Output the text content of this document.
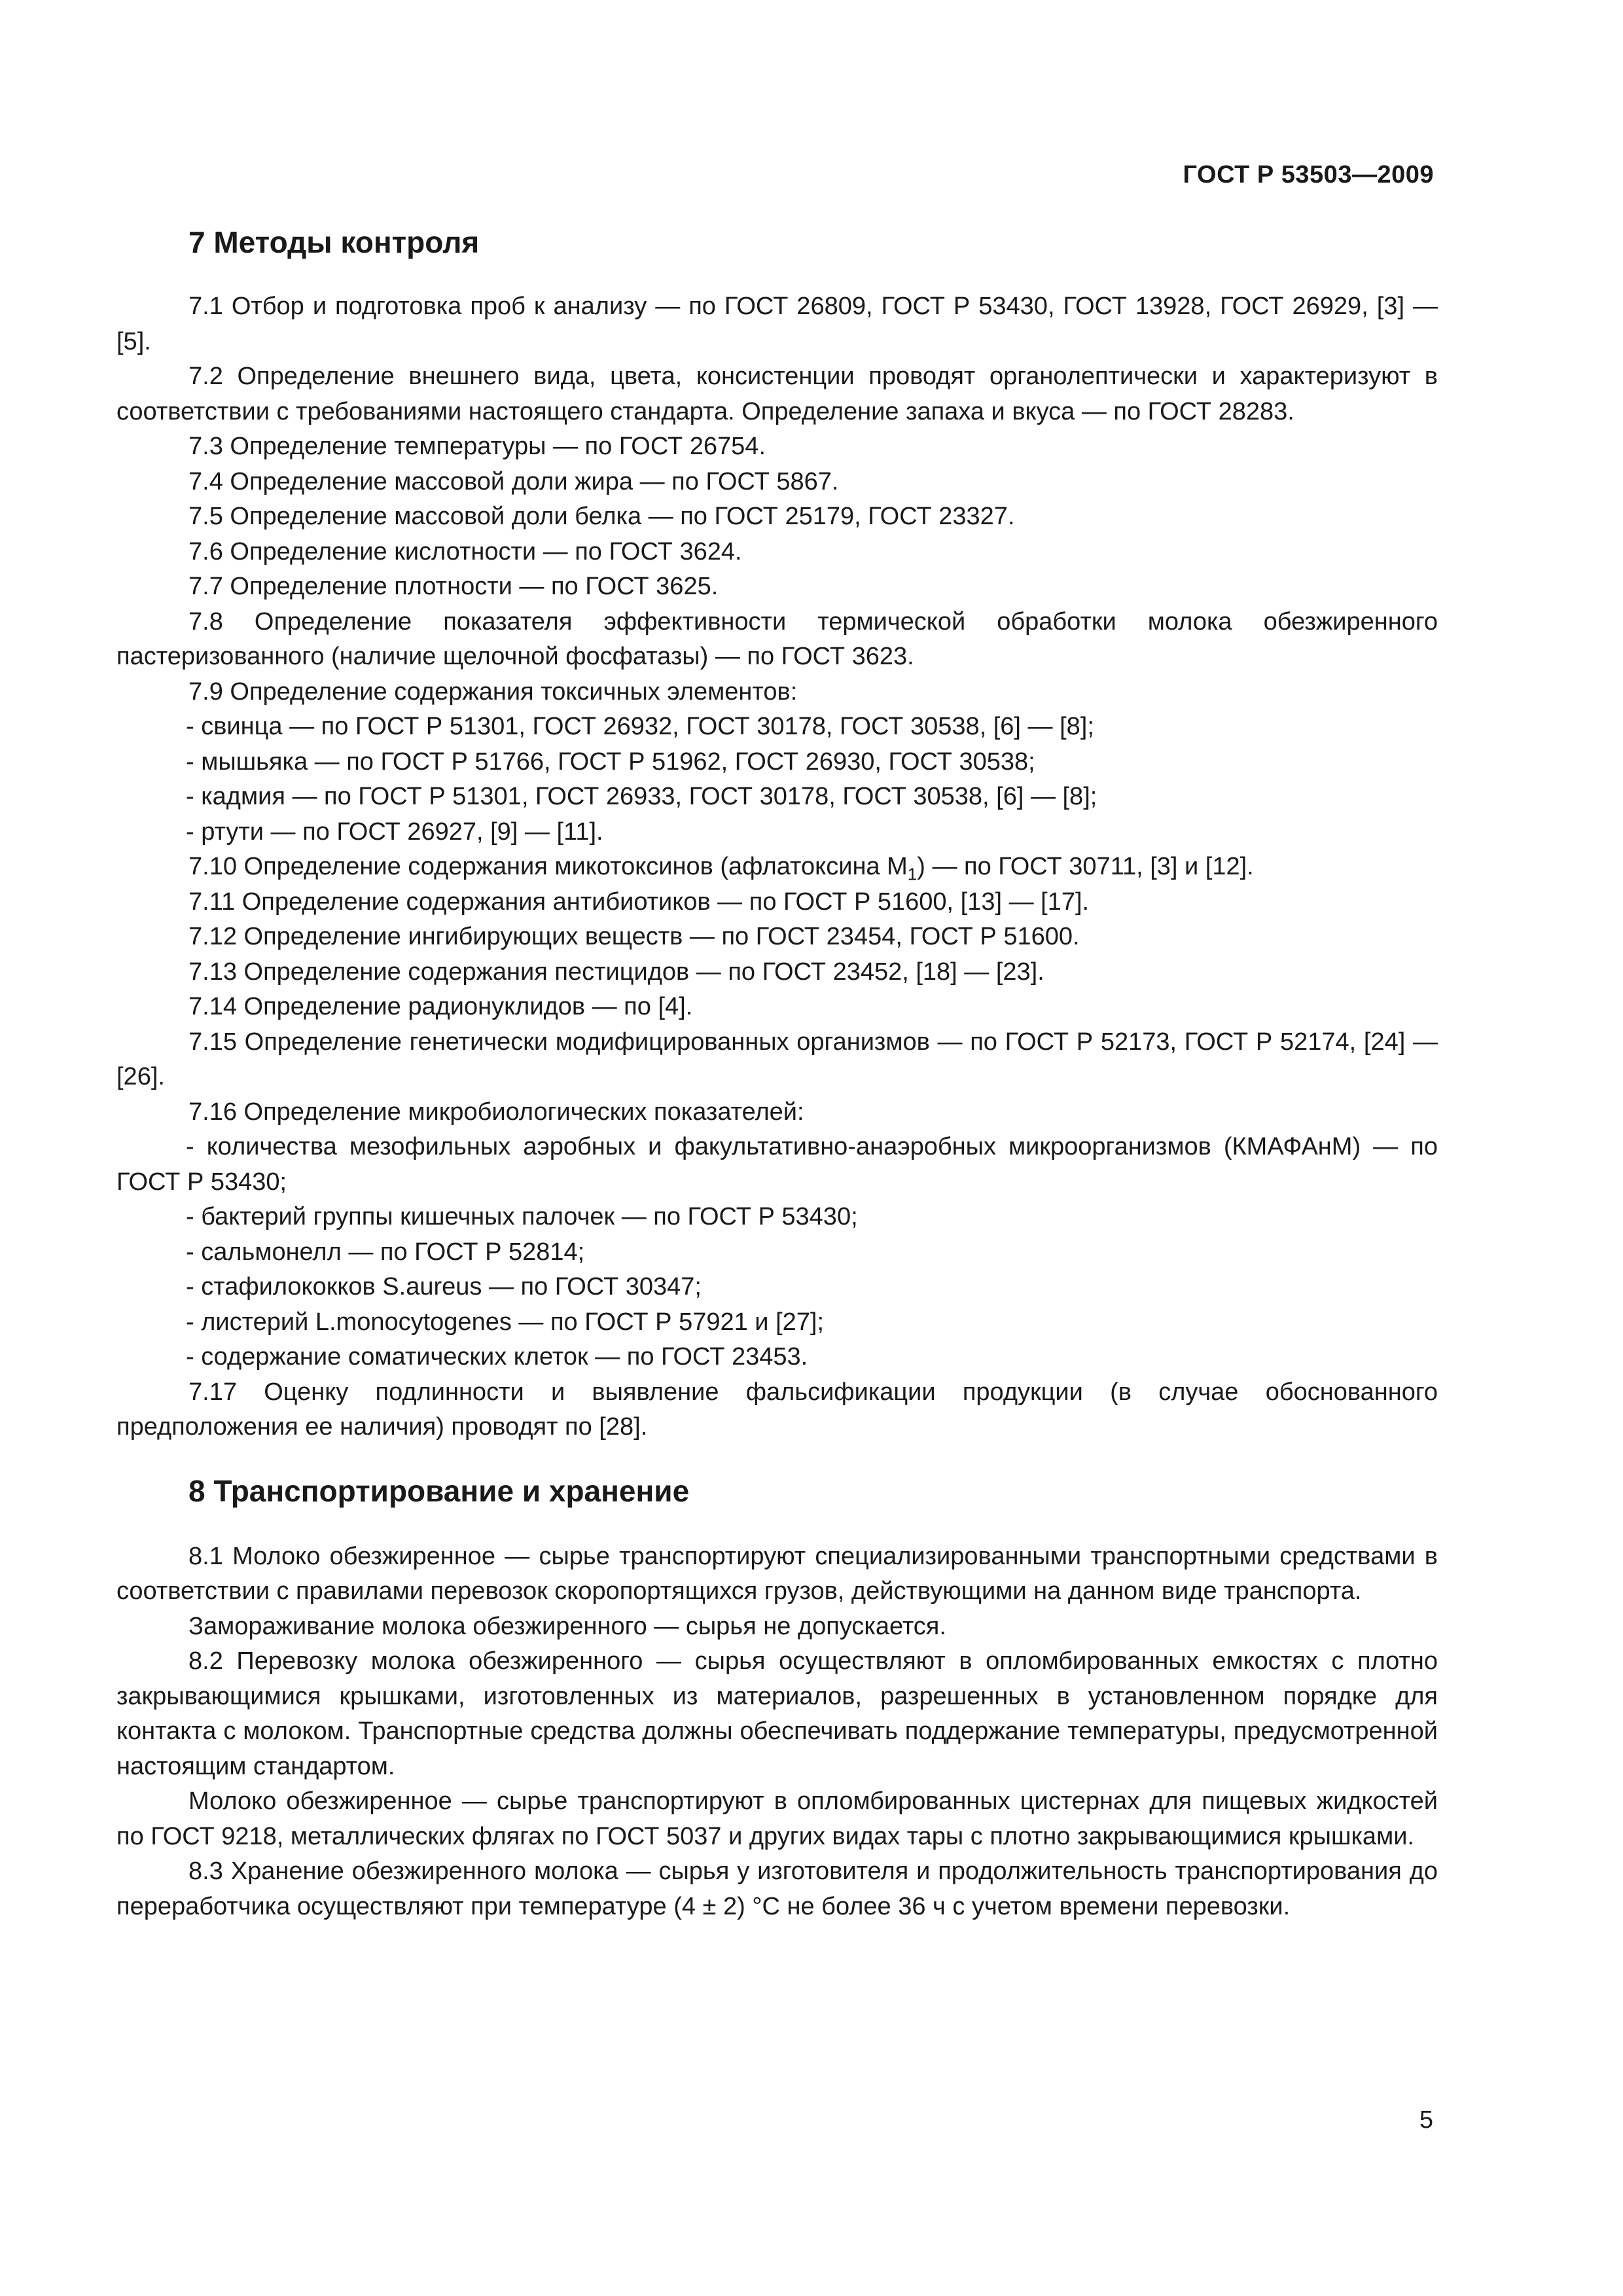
ГОСТ Р 53503—2009
7 Методы контроля

7.1 Отбор и подготовка проб к анализу — по ГОСТ 26809, ГОСТ Р 53430, ГОСТ 13928, ГОСТ 26929, [3] — [5].

7.2 Определение внешнего вида, цвета, консистенции проводят органолептически и характеризуют в соответствии с требованиями настоящего стандарта. Определение запаха и вкуса — по ГОСТ 28283.

7.3 Определение температуры — по ГОСТ 26754.

7.4 Определение массовой доли жира — по ГОСТ 5867.

7.5 Определение массовой доли белка — по ГОСТ 25179, ГОСТ 23327.

7.6 Определение кислотности — по ГОСТ 3624.

7.7 Определение плотности — по ГОСТ 3625.

7.8 Определение показателя эффективности термической обработки молока обезжиренного пастеризованного (наличие щелочной фосфатазы) — по ГОСТ 3623.

7.9 Определение содержания токсичных элементов:

- свинца — по ГОСТ Р 51301, ГОСТ 26932, ГОСТ 30178, ГОСТ 30538, [6] — [8];

- мышьяка — по ГОСТ Р 51766, ГОСТ Р 51962, ГОСТ 26930, ГОСТ 30538;

- кадмия — по ГОСТ Р 51301, ГОСТ 26933, ГОСТ 30178, ГОСТ 30538, [6] — [8];

- ртути — по ГОСТ 26927, [9] — [11].

7.10 Определение содержания микотоксинов (афлатоксина $М_1$) — по ГОСТ 30711, [3] и [12].

7.11 Определение содержания антибиотиков — по ГОСТ Р 51600, [13] — [17].

7.12 Определение ингибирующих веществ — по ГОСТ 23454, ГОСТ Р 51600.

7.13 Определение содержания пестицидов — по ГОСТ 23452, [18] — [23].

7.14 Определение радионуклидов — по [4].

7.15 Определение генетически модифицированных организмов — по ГОСТ Р 52173, ГОСТ Р 52174, [24] — [26].

7.16 Определение микробиологических показателей:

- количества мезофильных аэробных и факультативно-анаэробных микроорганизмов (КМАФАнМ) — по ГОСТ Р 53430;

- бактерий группы кишечных палочек — по ГОСТ Р 53430;

- сальмонелл — по ГОСТ Р 52814;

- стафилококков S.aureus — по ГОСТ 30347;

- листерий L.monocytogenes — по ГОСТ Р 57921 и [27];

- содержание соматических клеток — по ГОСТ 23453.

7.17 Оценку подлинности и выявление фальсификации продукции (в случае обоснованного предположения ее наличия) проводят по [28].

8 Транспортирование и хранение

8.1 Молоко обезжиренное — сырье транспортируют специализированными транспортными средствами в соответствии с правилами перевозок скоропортящихся грузов, действующими на данном виде транспорта.

Замораживание молока обезжиренного — сырья не допускается.

8.2 Перевозку молока обезжиренного — сырья осуществляют в опломбированных емкостях с плотно закрывающимися крышками, изготовленных из материалов, разрешенных в установленном порядке для контакта с молоком. Транспортные средства должны обеспечивать поддержание температуры, предусмотренной настоящим стандартом.

Молоко обезжиренное — сырье транспортируют в опломбированных цистернах для пищевых жидкостей по ГОСТ 9218, металлических флягах по ГОСТ 5037 и других видах тары с плотно закрывающимися крышками.

8.3 Хранение обезжиренного молока — сырья у изготовителя и продолжительность транспортирования до переработчика осуществляют при температуре (4 ± 2) °С не более 36 ч с учетом времени перевозки.

5
